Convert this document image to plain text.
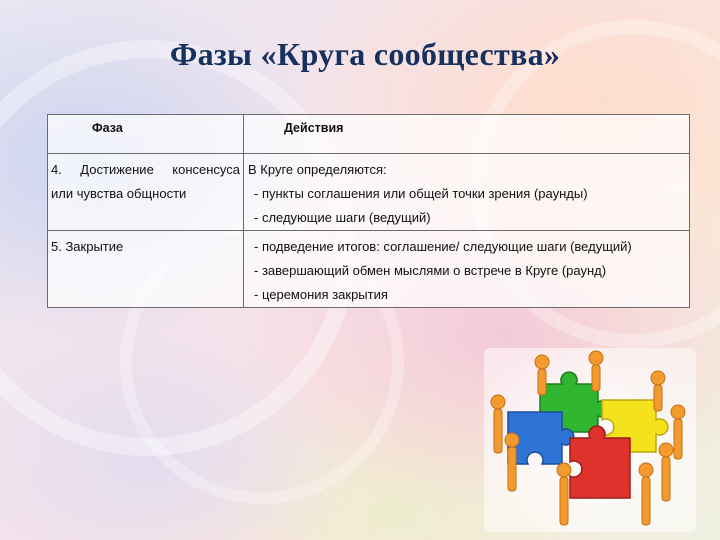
Фазы «Круга сообщества»
Фаза	Действия

4. Достижение консенсуса
или чувства общности	В Круге определяются:
- пункты соглашения или общей точки зрения (раунды)
- следующие шаги (ведущий)

5. Закрытие	- подведение итогов: соглашение/ следующие шаги (ведущий)
- завершающий обмен мыслями о встрече в Круге (раунд)
- церемония закрытия
